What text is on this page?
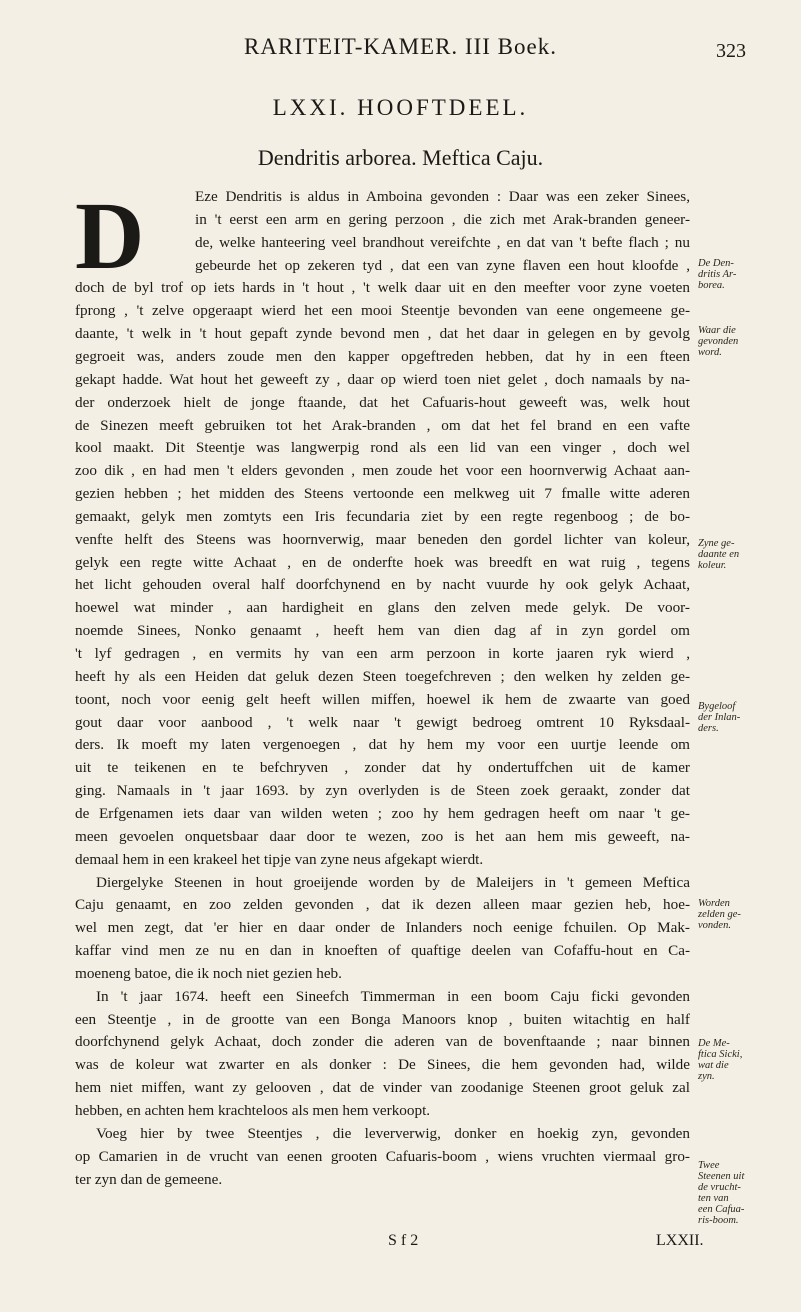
RARITEIT-KAMER. III Boek.	323
LXXI. HOOFTDEEL.
Dendritis arborea. Meftica Caju.
D	Eze Dendritis is aldus in Amboina gevonden : Daar was een zeker Sinees,
in 't eerst een arm en gering perzoon , die zich met Arak-branden geneer-
de, welke hanteering veel brandhout vereifchte , en dat van 't befte flach ; nu
gebeurde het op zekeren tyd , dat een van zyne flaven een hout kloofde ,
doch de byl trof op iets hards in 't hout , 't welk daar uit en den meefter voor zyne voeten
fprong , 't zelve opgeraapt wierd het een mooi Steentje bevonden van eene ongemeene ge-
daante, 't welk in 't hout gepaft zynde bevond men , dat het daar in gelegen en by gevolg
gegroeit was, anders zoude men den kapper opgeftreden hebben, dat hy in een fteen
gekapt hadde. Wat hout het geweeft zy , daar op wierd toen niet gelet , doch namaals by na-
der onderzoek hielt de jonge ftaande, dat het Cafuaris-hout geweeft was, welk hout
de Sinezen meeft gebruiken tot het Arak-branden , om dat het fel brand en een vafte
kool maakt. Dit Steentje was langwerpig rond als een lid van een vinger , doch wel
zoo dik , en had men 't elders gevonden , men zoude het voor een hoornverwig Achaat aan-
gezien hebben ; het midden des Steens vertoonde een melkweg uit 7 fmalle witte aderen
gemaakt, gelyk men zomtyts een Iris fecundaria ziet by een regte regenboog ; de bo-
venfte helft des Steens was hoornverwig, maar beneden den gordel lichter van koleur,
gelyk een regte witte Achaat , en de onderfte hoek was breedft en wat ruig , tegens
het licht gehouden overal half doorfchynend en by nacht vuurde hy ook gelyk Achaat,
hoewel wat minder , aan hardigheit en glans den zelven mede gelyk. De voor-
noemde Sinees, Nonko genaamt , heeft hem van dien dag af in zyn gordel om
't lyf gedragen , en vermits hy van een arm perzoon in korte jaaren ryk wierd ,
heeft hy als een Heiden dat geluk dezen Steen toegefchreven ; den welken hy zelden ge-
toont, noch voor eenig gelt heeft willen miffen, hoewel ik hem de zwaarte van goed
gout daar voor aanbood , 't welk naar 't gewigt bedroeg omtrent 10 Ryksdaal-
ders. Ik moeft my laten vergenoegen , dat hy hem my voor een uurtje leende om
uit te teikenen en te befchryven , zonder dat hy ondertuffchen uit de kamer
ging. Namaals in 't jaar 1693. by zyn overlyden is de Steen zoek geraakt, zonder dat
de Erfgenamen iets daar van wilden weten ; zoo hy hem gedragen heeft om naar 't ge-
meen gevoelen onquetsbaar daar door te wezen, zoo is het aan hem mis geweeft, na-
demaal hem in een krakeel het tipje van zyne neus afgekapt wierdt.
Diergelyke Steenen in hout groeijende worden by de Maleijers in 't gemeen Meftica
Caju genaamt, en zoo zelden gevonden , dat ik dezen alleen maar gezien heb, hoe-
wel men zegt, dat 'er hier en daar onder de Inlanders noch eenige fchuilen. Op Mak-
kaffar vind men ze nu en dan in knoeften of quaftige deelen van Cofaffu-hout en Ca-
moeneng batoe, die ik noch niet gezien heb.
In 't jaar 1674. heeft een Sineefch Timmerman in een boom Caju ficki gevonden
een Steentje , in de grootte van een Bonga Manoors knop , buiten witachtig en half
doorfchynend gelyk Achaat, doch zonder die aderen van de bovenftaande ; naar binnen
was de koleur wat zwarter en als donker : De Sinees, die hem gevonden had, wilde
hem niet miffen, want zy gelooven , dat de vinder van zoodanige Steenen groot geluk zal
hebben, en achten hem krachteloos als men hem verkoopt.
Voeg hier by twee Steentjes , die leververwig, donker en hoekig zyn, gevonden
op Camarien in de vrucht van eenen grooten Cafuaris-boom , wiens vruchten viermaal gro-
ter zyn dan de gemeene.
De Den-
dritis Ar-
borea.
Waar die
gevonden
word.
Zyne ge-
daante en
koleur.
Bygeloof
der Inlan-
ders.
Worden
zelden ge-
vonden.
De Me-
ftica Sicki,
wat die
zyn.
Twee
Steenen uit
de vrucht-
ten van
een Cafua-
ris-boom.
S f 2	LXXII.
